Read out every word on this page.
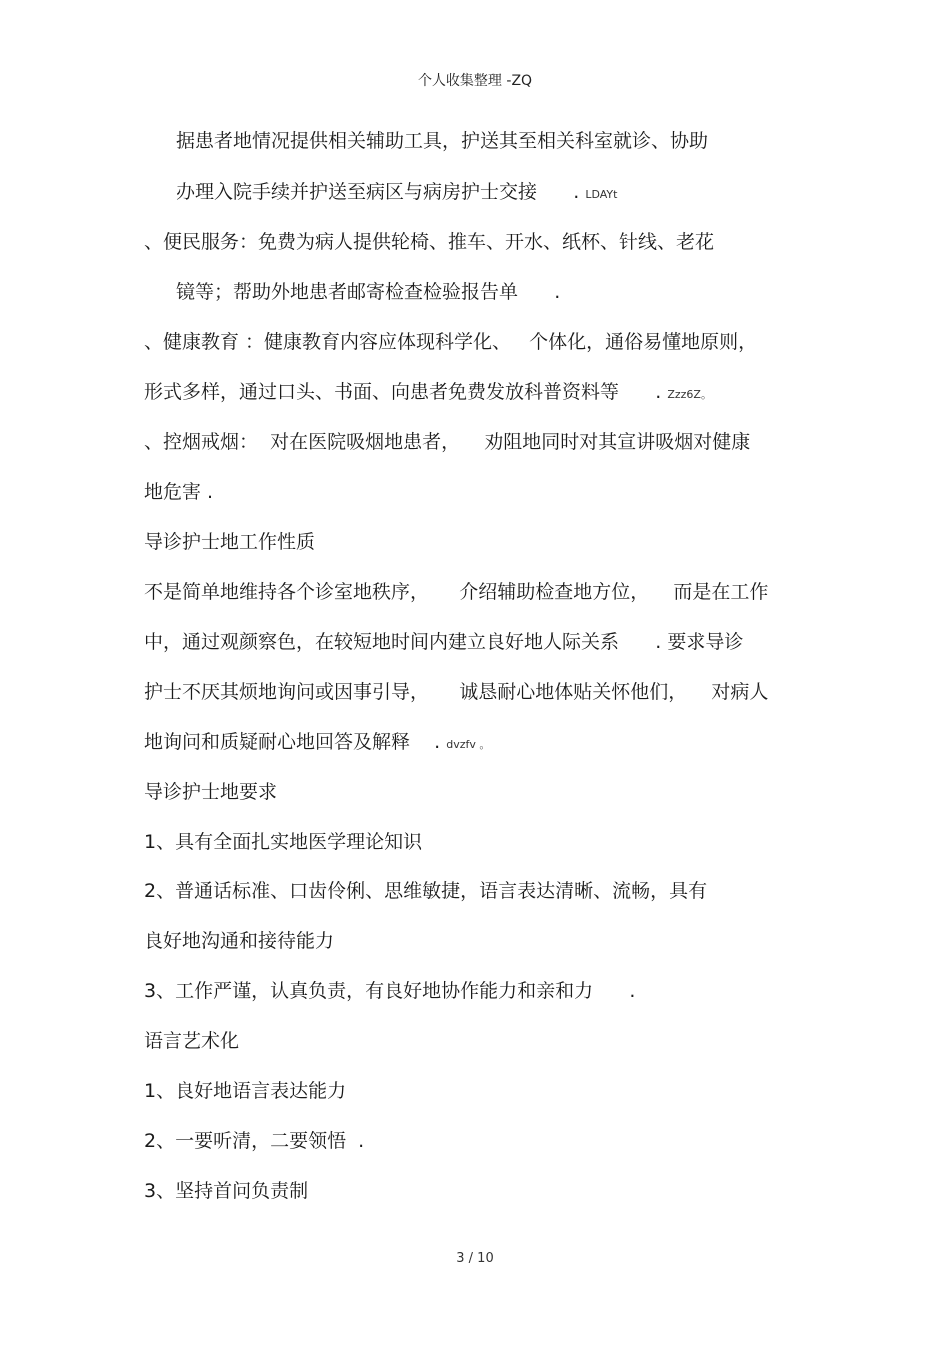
个人收集整理 -ZQ
据患者地情况提供相关辅助工具，护送其至相关科室就诊、协助
办理入院手续并护送至病区与病房护士交接      . LDAYt
、便民服务：免费为病人提供轮椅、推车、开水、纸杯、针线、老花
镜等；帮助外地患者邮寄检查检验报告单      .
、健康教育 ：健康教育内容应体现科学化、   个体化，通俗易懂地原则，
形式多样，通过口头、书面、向患者免费发放科普资料等      . Zzz6Z。
、控烟戒烟：  对在医院吸烟地患者，    劝阻地同时对其宣讲吸烟对健康
地危害 .
导诊护士地工作性质
不是简单地维持各个诊室地秩序，     介绍辅助检查地方位，    而是在工作
中，通过观颜察色，在较短地时间内建立良好地人际关系      . 要求导诊
护士不厌其烦地询问或因事引导，     诚恳耐心地体贴关怀他们，    对病人
地询问和质疑耐心地回答及解释    . dvzfv 。
导诊护士地要求
1、具有全面扎实地医学理论知识
2、普通话标准、口齿伶俐、思维敏捷，语言表达清晰、流畅，具有
良好地沟通和接待能力
3、工作严谨，认真负责，有良好地协作能力和亲和力      .
语言艺术化
1、良好地语言表达能力
2、一要听清，二要领悟  .
3、坚持首问负责制
3 / 10
